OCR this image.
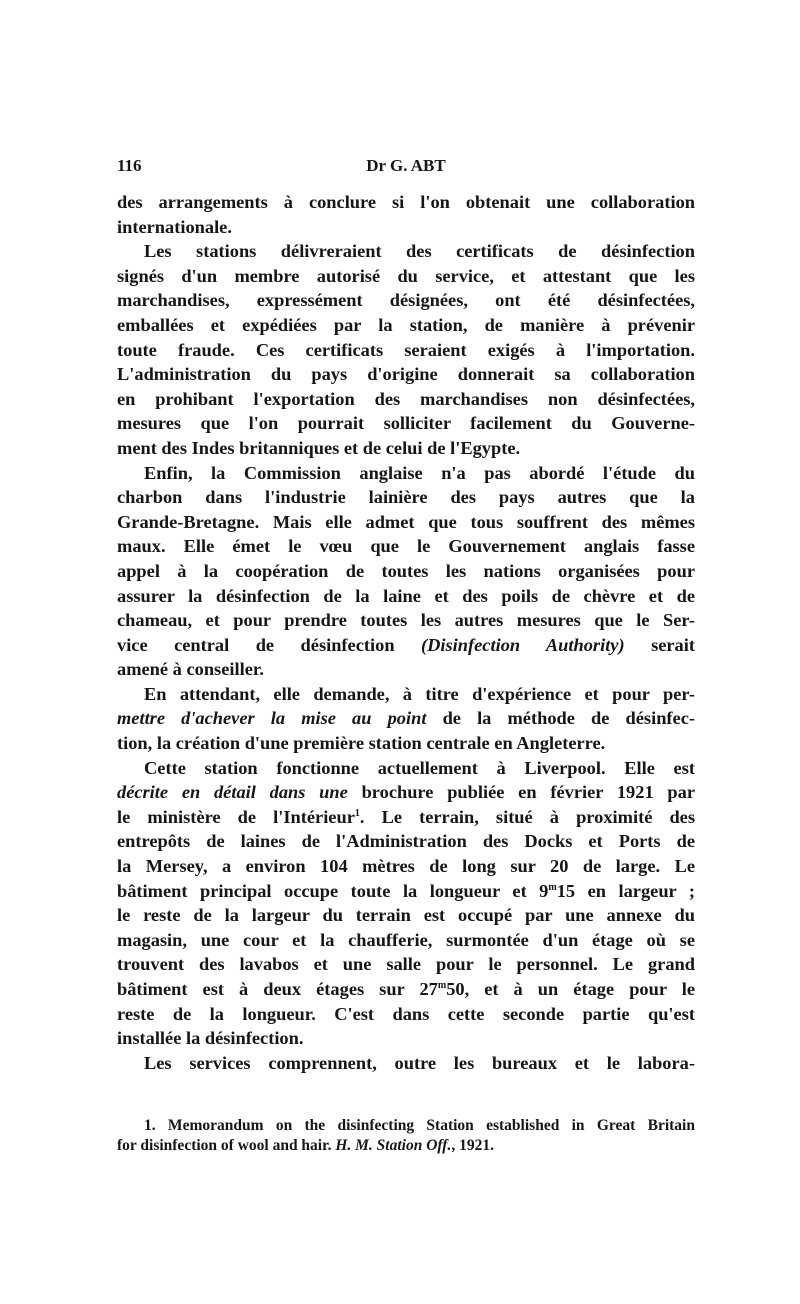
116	Dr G. ABT

des arrangements à conclure si l'on obtenait une collaboration
internationale.

Les stations délivreraient des certificats de désinfection
signés d'un membre autorisé du service, et attestant que les
marchandises, expressément désignées, ont été désinfectées,
emballées et expédiées par la station, de manière à prévenir
toute fraude. Ces certificats seraient exigés à l'importation.
L'administration du pays d'origine donnerait sa collaboration
en prohibant l'exportation des marchandises non désinfectées,
mesures que l'on pourrait solliciter facilement du Gouverne-
ment des Indes britanniques et de celui de l'Egypte.

Enfin, la Commission anglaise n'a pas abordé l'étude du
charbon dans l'industrie lainière des pays autres que la
Grande-Bretagne. Mais elle admet que tous souffrent des mêmes
maux. Elle émet le vœu que le Gouvernement anglais fasse
appel à la coopération de toutes les nations organisées pour
assurer la désinfection de la laine et des poils de chèvre et de
chameau, et pour prendre toutes les autres mesures que le Ser-
vice central de désinfection (Disinfection Authority) serait
amené à conseiller.

En attendant, elle demande, à titre d'expérience et pour per-
mettre d'achever la mise au point de la méthode de désinfec-
tion, la création d'une première station centrale en Angleterre.

Cette station fonctionne actuellement à Liverpool. Elle est
décrite en détail dans une brochure publiée en février 1921 par
le ministère de l'Intérieur$^1$. Le terrain, situé à proximité des
entrepôts de laines de l'Administration des Docks et Ports de
la Mersey, a environ 104 mètres de long sur 20 de large. Le
bâtiment principal occupe toute la longueur et 9$^m$15 en largeur ;
le reste de la largeur du terrain est occupé par une annexe du
magasin, une cour et la chaufferie, surmontée d'un étage où se
trouvent des lavabos et une salle pour le personnel. Le grand
bâtiment est à deux étages sur 27$^m$50, et à un étage pour le
reste de la longueur. C'est dans cette seconde partie qu'est
installée la désinfection.

Les services comprennent, outre les bureaux et le labora-

1. Memorandum on the disinfecting Station established in Great Britain
for disinfection of wool and hair. H. M. Station Off., 1921.
